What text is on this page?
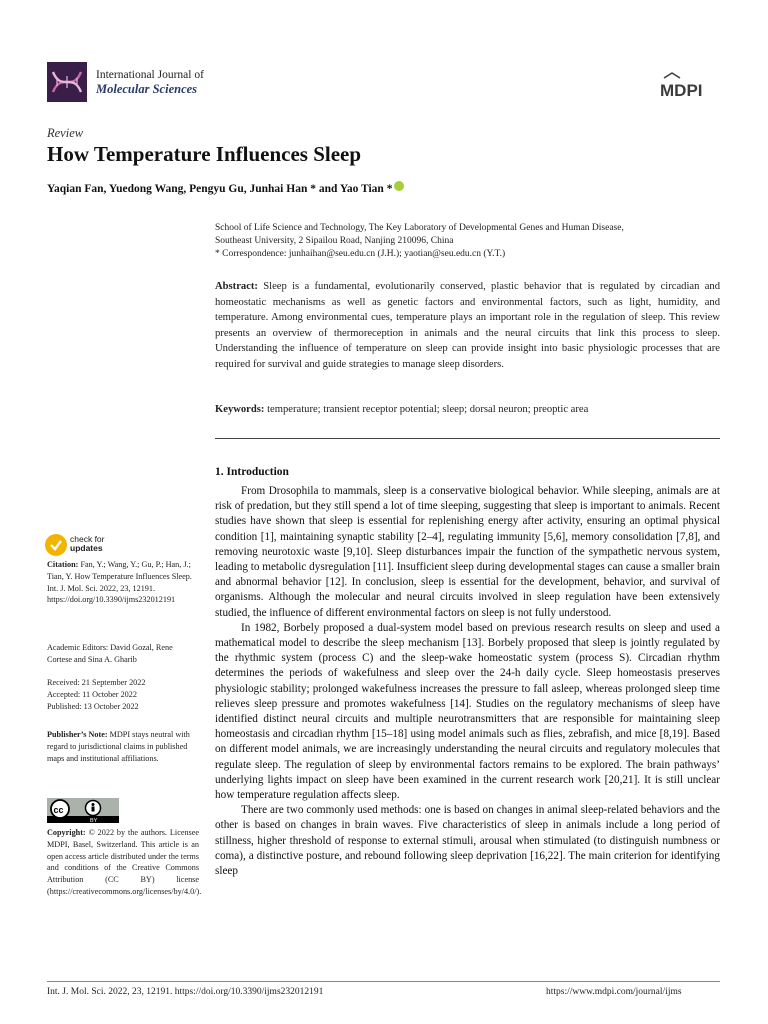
International Journal of
Molecular Sciences	MDPI
Review
How Temperature Influences Sleep
Yaqian Fan, Yuedong Wang, Pengyu Gu, Junhai Han * and Yao Tian *
School of Life Science and Technology, The Key Laboratory of Developmental Genes and Human Disease,
Southeast University, 2 Sipailou Road, Nanjing 210096, China
* Correspondence: junhaihan@seu.edu.cn (J.H.); yaotian@seu.edu.cn (Y.T.)
Abstract: Sleep is a fundamental, evolutionarily conserved, plastic behavior that is regulated by circadian and homeostatic mechanisms as well as genetic factors and environmental factors, such as light, humidity, and temperature. Among environmental cues, temperature plays an important role in the regulation of sleep. This review presents an overview of thermoreception in animals and the neural circuits that link this process to sleep. Understanding the influence of temperature on sleep can provide insight into basic physiologic processes that are required for survival and guide strategies to manage sleep disorders.
Keywords: temperature; transient receptor potential; sleep; dorsal neuron; preoptic area
1. Introduction

From Drosophila to mammals, sleep is a conservative biological behavior. While sleeping, animals are at risk of predation, but they still spend a lot of time sleeping, suggesting that sleep is important to animals. Recent studies have shown that sleep is essential for replenishing energy after activity, ensuring an optimal physical condition [1], maintaining synaptic stability [2–4], regulating immunity [5,6], memory consolidation [7,8], and removing neurotoxic waste [9,10]. Sleep disturbances impair the function of the sympathetic nervous system, leading to metabolic dysregulation [11]. Insufficient sleep during developmental stages can cause a smaller brain and abnormal behavior [12]. In conclusion, sleep is essential for the development, behavior, and survival of organisms. Although the molecular and neural circuits involved in sleep regulation have been extensively studied, the influence of different environmental factors on sleep is not fully understood.

In 1982, Borbely proposed a dual-system model based on previous research results on sleep and used a mathematical model to describe the sleep mechanism [13]. Borbely proposed that sleep is jointly regulated by the rhythmic system (process C) and the sleep-wake homeostatic system (process S). Circadian rhythm determines the periods of wakefulness and sleep over the 24-h daily cycle. Sleep homeostasis preserves physiologic stability; prolonged wakefulness increases the pressure to fall asleep, whereas prolonged sleep time relieves sleep pressure and promotes wakefulness [14]. Studies on the regulatory mechanisms of sleep have identified distinct neural circuits and multiple neurotransmitters that are responsible for maintaining sleep homeostasis and circadian rhythm [15–18] using model animals such as flies, zebrafish, and mice [8,19]. Based on different model animals, we are increasingly understanding the neural circuits and regulatory molecules that regulate sleep. The regulation of sleep by environmental factors remains to be explored. The brain pathways’ underlying lights impact on sleep have been examined in the current research work [20,21]. It is still unclear how temperature regulation affects sleep.

There are two commonly used methods: one is based on changes in animal sleep-related behaviors and the other is based on changes in brain waves. Five characteristics of sleep in animals include a long period of stillness, higher threshold of response to external stimuli, arousal when stimulated (to distinguish numbness or coma), a distinctive posture, and rebound following sleep deprivation [16,22]. The main criterion for identifying sleep

check for
updates
Citation: Fan, Y.; Wang, Y.; Gu, P.; Han, J.; Tian, Y. How Temperature Influences Sleep. Int. J. Mol. Sci. 2022, 23, 12191. https://doi.org/10.3390/ijms232012191
Academic Editors: David Gozal, Rene Cortese and Sina A. Gharib
Received: 21 September 2022
Accepted: 11 October 2022
Published: 13 October 2022
Publisher’s Note: MDPI stays neutral with regard to jurisdictional claims in published maps and institutional affiliations.
cc
BY
Copyright: © 2022 by the authors. Licensee MDPI, Basel, Switzerland. This article is an open access article distributed under the terms and conditions of the Creative Commons Attribution (CC BY) license (https://creativecommons.org/licenses/by/4.0/).
Int. J. Mol. Sci. 2022, 23, 12191. https://doi.org/10.3390/ijms232012191	https://www.mdpi.com/journal/ijms
